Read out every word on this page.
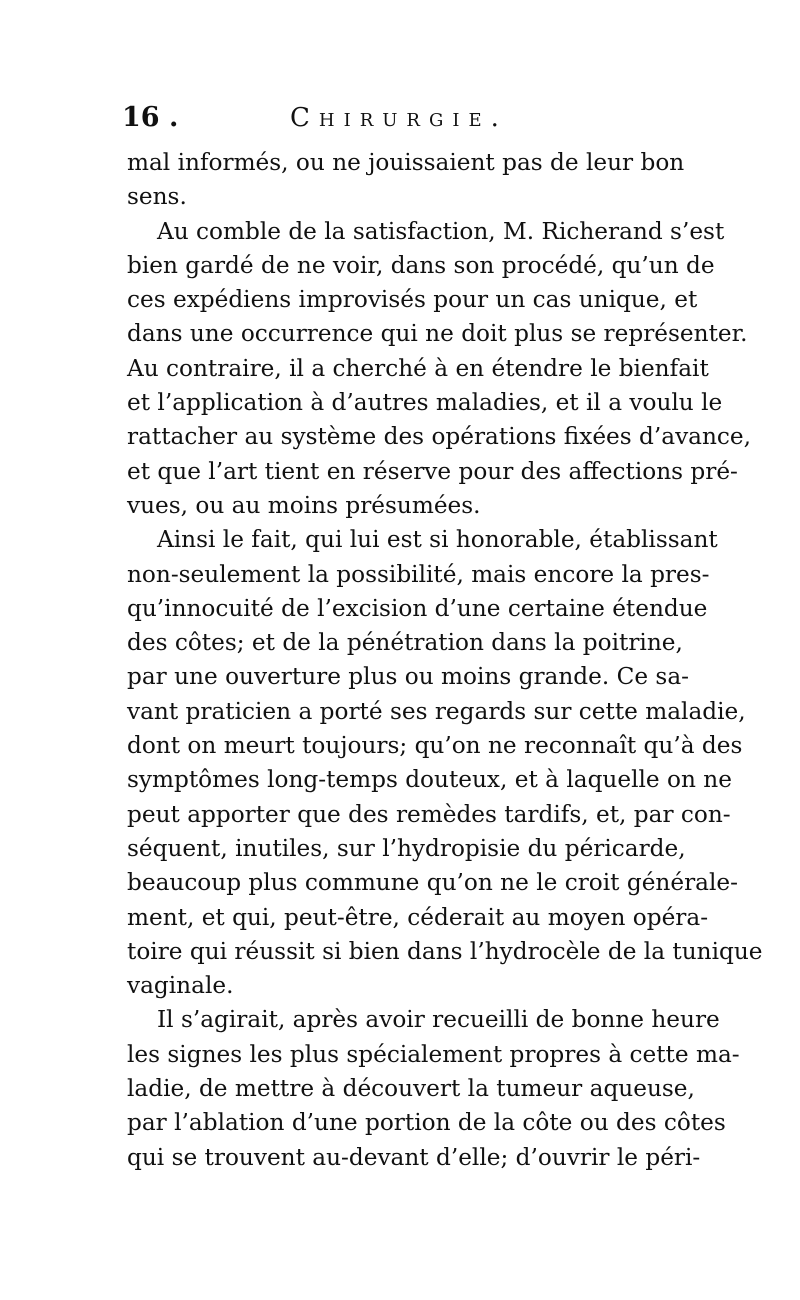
16 .	Chirurgie.
mal informés, ou ne jouissaient pas de leur bon
sens.
Au comble de la satisfaction, M. Richerand s’est
bien gardé de ne voir, dans son procédé, qu’un de
ces expédiens improvisés pour un cas unique, et
dans une occurrence qui ne doit plus se représenter.
Au contraire, il a cherché à en étendre le bienfait
et l’application à d’autres maladies, et il a voulu le
rattacher au système des opérations fixées d’avance,
et que l’art tient en réserve pour des affections pré-
vues, ou au moins présumées.
Ainsi le fait, qui lui est si honorable, établissant
non-seulement la possibilité, mais encore la pres-
qu’innocuité de l’excision d’une certaine étendue
des côtes; et de la pénétration dans la poitrine,
par une ouverture plus ou moins grande. Ce sa-
vant praticien a porté ses regards sur cette maladie,
dont on meurt toujours; qu’on ne reconnaît qu’à des
symptômes long-temps douteux, et à laquelle on ne
peut apporter que des remèdes tardifs, et, par con-
séquent, inutiles, sur l’hydropisie du péricarde,
beaucoup plus commune qu’on ne le croit générale-
ment, et qui, peut-être, céderait au moyen opéra-
toire qui réussit si bien dans l’hydrocèle de la tunique
vaginale.
Il s’agirait, après avoir recueilli de bonne heure
les signes les plus spécialement propres à cette ma-
ladie, de mettre à découvert la tumeur aqueuse,
par l’ablation d’une portion de la côte ou des côtes
qui se trouvent au-devant d’elle; d’ouvrir le péri-
